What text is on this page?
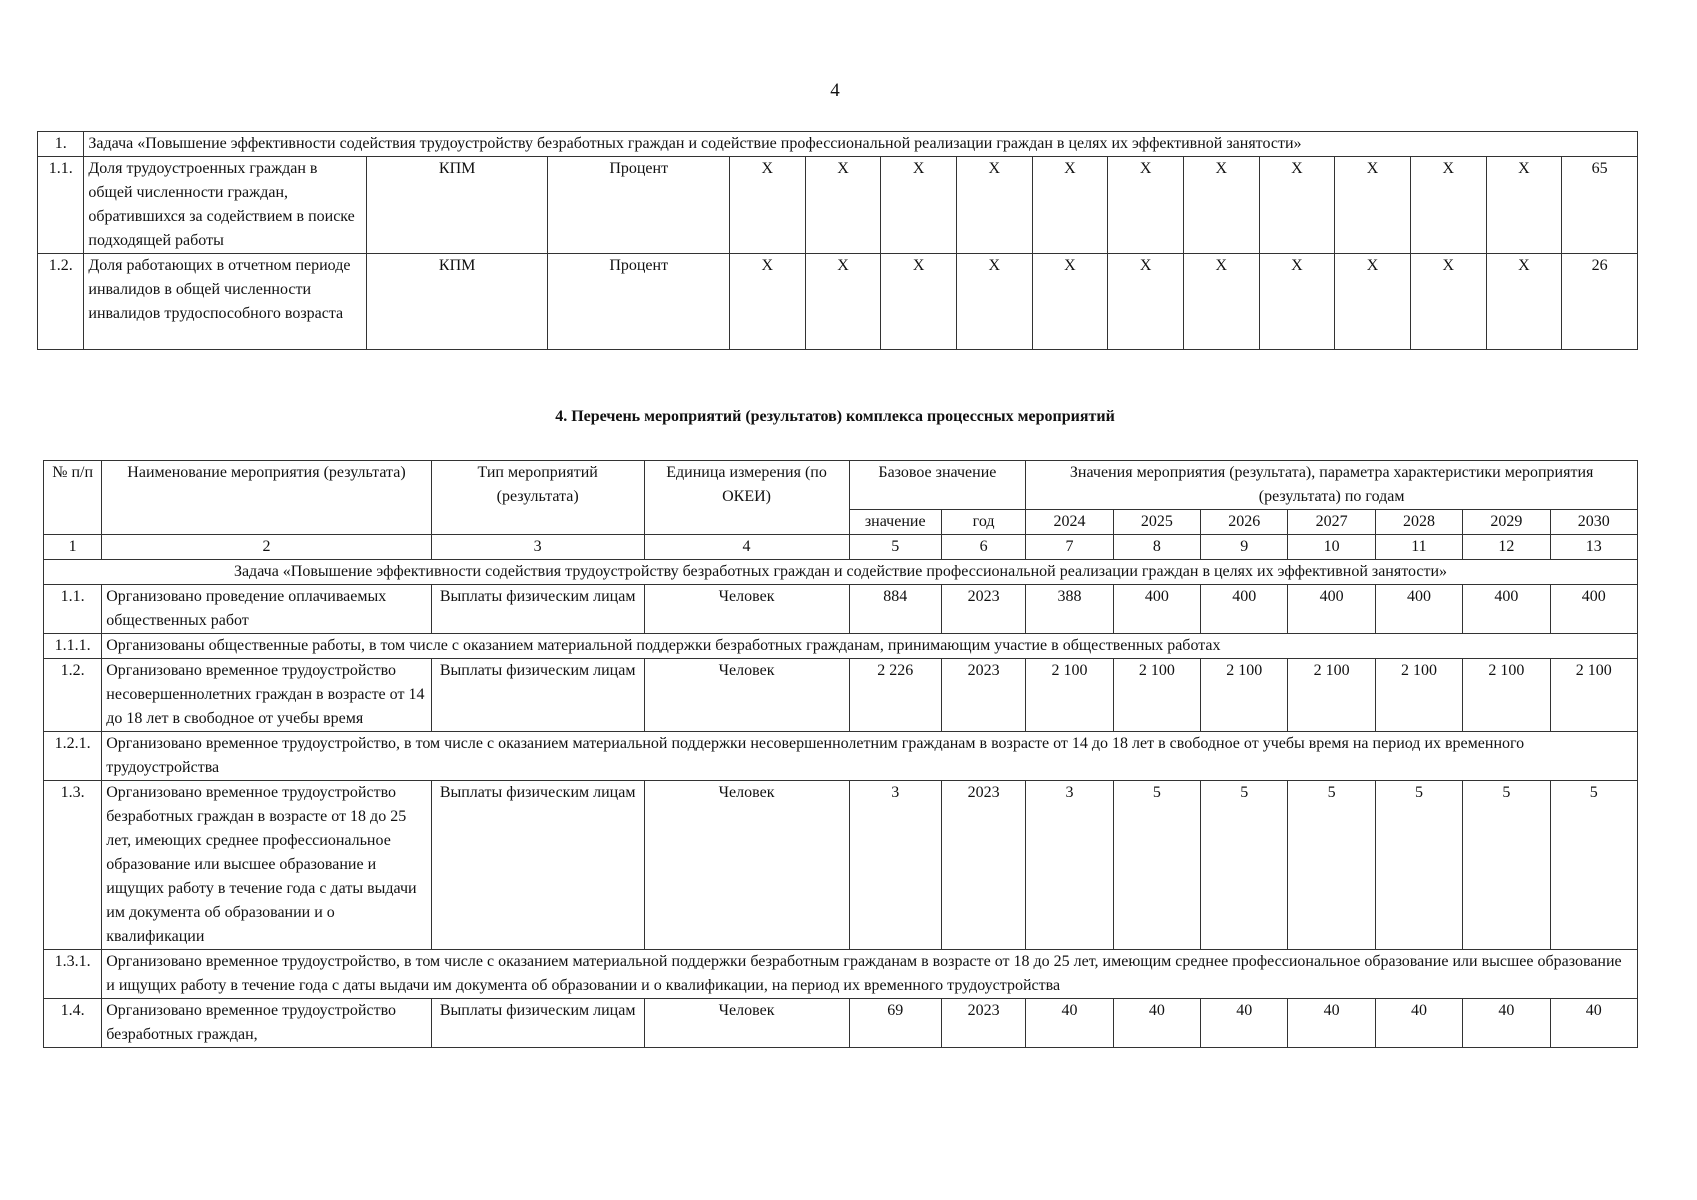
4
1.	Задача «Повышение эффективности содействия трудоустройству безработных граждан и содействие профессиональной реализации граждан в целях их эффективной занятости»														
1.1.	Доля трудоустроенных граждан в общей численности граждан, обратившихся за содействием в поиске подходящей работы	КПМ	Процент	X	X	X	X	X	X	X	X	X	X	X	65
1.2.	Доля работающих в отчетном периоде инвалидов в общей численности инвалидов трудоспособного возраста	КПМ	Процент	X	X	X	X	X	X	X	X	X	X	X	26
4. Перечень мероприятий (результатов) комплекса процессных мероприятий
№ п/п	Наименование мероприятия (результата)	Тип мероприятий (результата)	Единица измерения (по ОКЕИ)	Базовое значение		Значения мероприятия (результата), параметра характеристики мероприятия (результата) по годам						
				значение	год	2024	2025	2026	2027	2028	2029	2030
1	2	3	4	5	6	7	8	9	10	11	12	13
Задача «Повышение эффективности содействия трудоустройству безработных граждан и содействие профессиональной реализации граждан в целях их эффективной занятости»												
1.1.	Организовано проведение оплачиваемых общественных работ	Выплаты физическим лицам	Человек	884	2023	388	400	400	400	400	400	400
1.1.1.	Организованы общественные работы, в том числе с оказанием материальной поддержки безработных гражданам, принимающим участие в общественных работах											
1.2.	Организовано временное трудоустройство несовершеннолетних граждан в возрасте от 14 до 18 лет в свободное от учебы время	Выплаты физическим лицам	Человек	2 226	2023	2 100	2 100	2 100	2 100	2 100	2 100	2 100
1.2.1.	Организовано временное трудоустройство, в том числе с оказанием материальной поддержки несовершеннолетним гражданам в возрасте от 14 до 18 лет в свободное от учебы время на период их временного трудоустройства											
1.3.	Организовано временное трудоустройство безработных граждан в возрасте от 18 до 25 лет, имеющих среднее профессиональное образование или высшее образование и ищущих работу в течение года с даты выдачи им документа об образовании и о квалификации	Выплаты физическим лицам	Человек	3	2023	3	5	5	5	5	5	5
1.3.1.	Организовано временное трудоустройство, в том числе с оказанием материальной поддержки безработным гражданам в возрасте от 18 до 25 лет, имеющим среднее профессиональное образование или высшее образование и ищущих работу в течение года с даты выдачи им документа об образовании и о квалификации, на период их временного трудоустройства											
1.4.	Организовано временное трудоустройство безработных граждан,	Выплаты физическим лицам	Человек	69	2023	40	40	40	40	40	40	40
